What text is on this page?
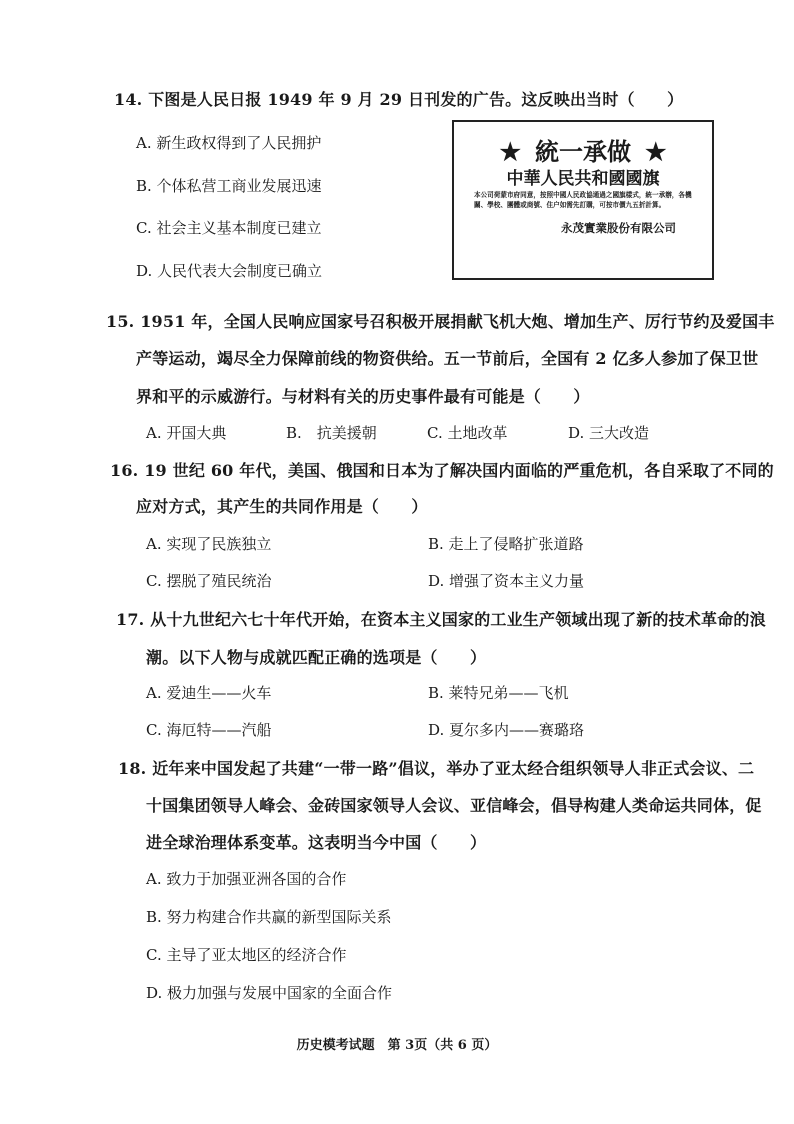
14. 下图是人民日报 1949 年 9 月 29 日刊发的广告。这反映出当时（　　）
A. 新生政权得到了人民拥护
B. 个体私营工商业发展迅速
C. 社会主义基本制度已建立
D. 人民代表大会制度已确立
★ 統一承做 ★
中華人民共和國國旗
本公司荷蒙市府同意，按照中國人民政協通過之國旗樣式，統一承辦，各機關、學校、團體或商號、住户如需先訂購，可按市價九五折計算。
永茂實業股份有限公司
15. 1951 年，全国人民响应国家号召积极开展捐献飞机大炮、增加生产、厉行节约及爱国丰
产等运动，竭尽全力保障前线的物资供给。五一节前后，全国有 2 亿多人参加了保卫世
界和平的示威游行。与材料有关的历史事件最有可能是（　　）
A. 开国大典	B.　抗美援朝	C. 土地改革	D. 三大改造
16. 19 世纪 60 年代，美国、俄国和日本为了解决国内面临的严重危机，各自采取了不同的
应对方式，其产生的共同作用是（　　）
A. 实现了民族独立	B. 走上了侵略扩张道路
C. 摆脱了殖民统治	D. 增强了资本主义力量
17. 从十九世纪六七十年代开始，在资本主义国家的工业生产领域出现了新的技术革命的浪
潮。以下人物与成就匹配正确的选项是（　　）
A. 爱迪生——火车	B. 莱特兄弟——飞机
C. 海厄特——汽船	D. 夏尔多内——赛璐珞
18. 近年来中国发起了共建“一带一路”倡议，举办了亚太经合组织领导人非正式会议、二
十国集团领导人峰会、金砖国家领导人会议、亚信峰会，倡导构建人类命运共同体，促
进全球治理体系变革。这表明当今中国（　　）
A. 致力于加强亚洲各国的合作
B. 努力构建合作共赢的新型国际关系
C. 主导了亚太地区的经济合作
D. 极力加强与发展中国家的全面合作
历史模考试题　第 3页（共 6 页）
